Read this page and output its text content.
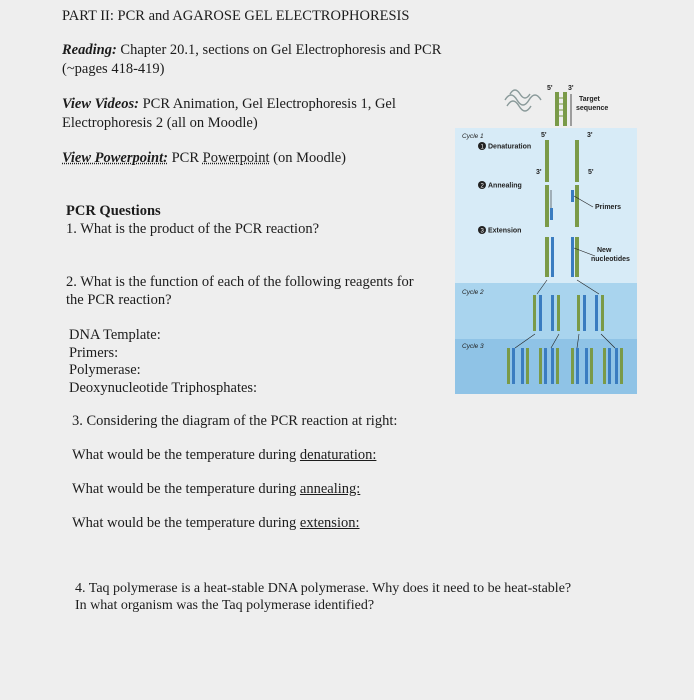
PART II: PCR and AGAROSE GEL ELECTROPHORESIS
Reading: Chapter 20.1, sections on Gel Electrophoresis and PCR
(~pages 418-419)
View Videos: PCR Animation, Gel Electrophoresis 1, Gel
Electrophoresis 2 (all on Moodle)
View Powerpoint: PCR Powerpoint (on Moodle)
PCR Questions
1. What is the product of the PCR reaction?
2. What is the function of each of the following reagents for
the PCR reaction?
DNA Template:
Primers:
Polymerase:
Deoxynucleotide Triphosphates:
3. Considering the diagram of the PCR reaction at right:
What would be the temperature during denaturation:
What would be the temperature during annealing:
What would be the temperature during extension:
4. Taq polymerase is a heat-stable DNA polymerase. Why does it need to be heat-stable?
In what organism was the Taq polymerase identified?
5' 3'
Target
sequence
Cycle 1
1 Denaturation
5'	3'
2 Annealing
3'	5'
Primers
3 Extension
New
nucleotides
Cycle 2
Cycle 3
